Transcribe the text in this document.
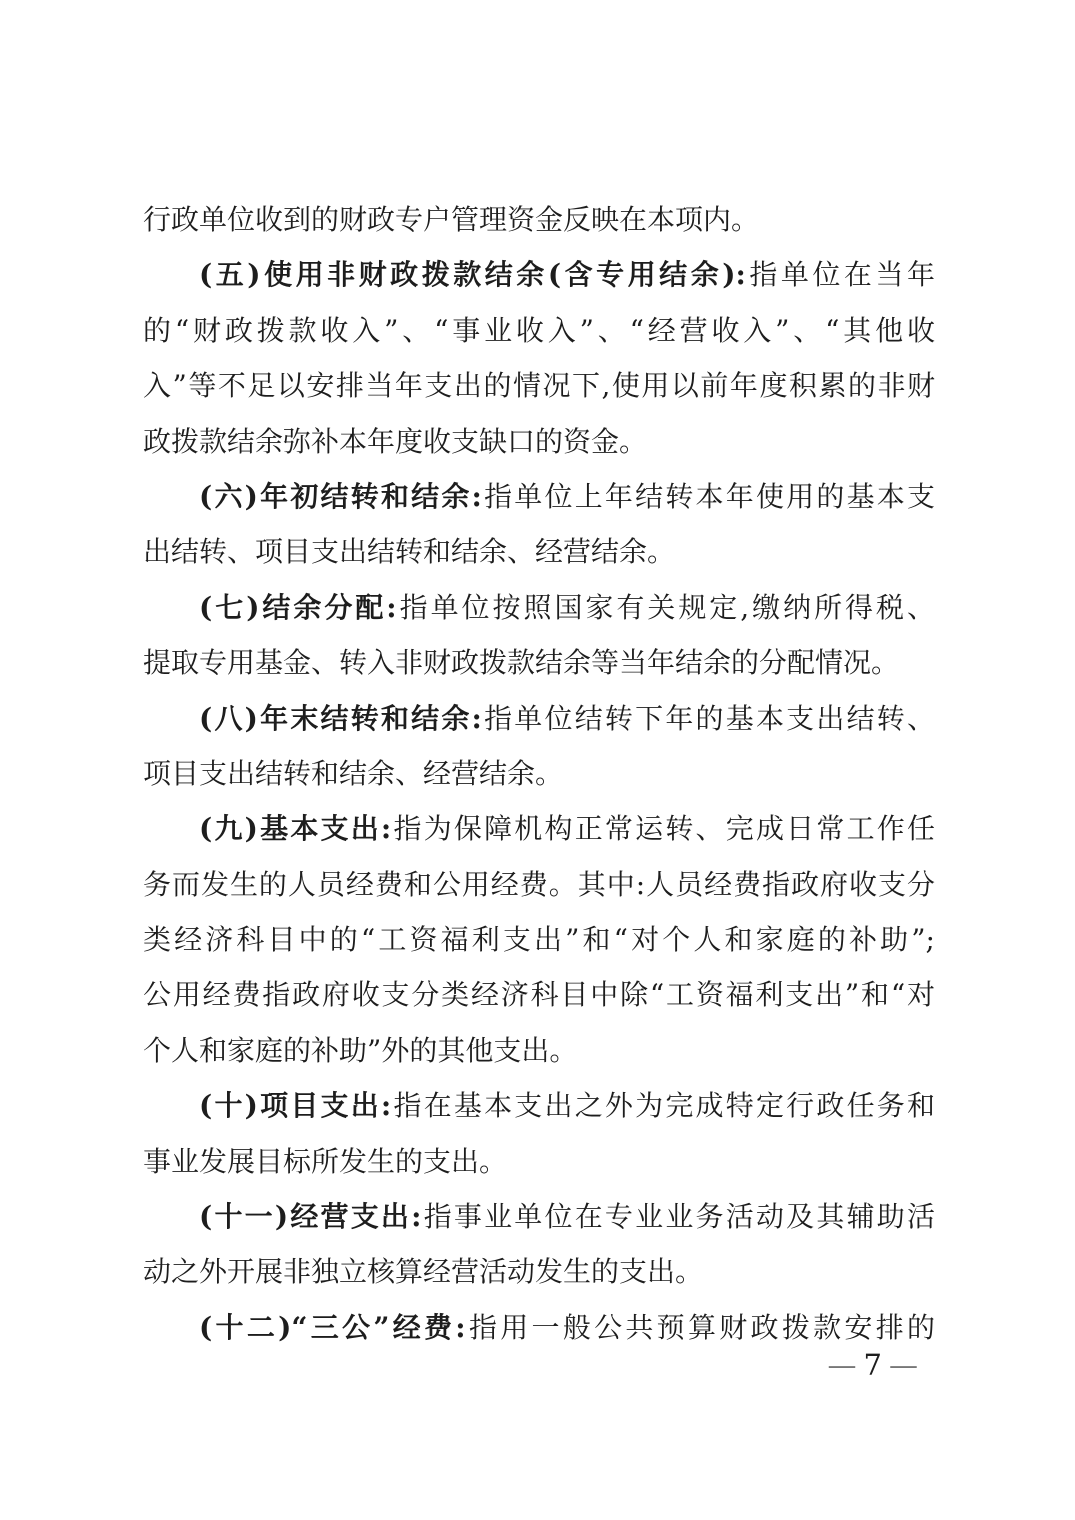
行政单位收到的财政专户管理资金反映在本项内。
(五)使用非财政拨款结余(含专用结余):指单位在当年
的“财政拨款收入”、“事业收入”、“经营收入”、“其他收
入”等不足以安排当年支出的情况下,使用以前年度积累的非财
政拨款结余弥补本年度收支缺口的资金。
(六)年初结转和结余:指单位上年结转本年使用的基本支
出结转、项目支出结转和结余、经营结余。
(七)结余分配:指单位按照国家有关规定,缴纳所得税、
提取专用基金、转入非财政拨款结余等当年结余的分配情况。
(八)年末结转和结余:指单位结转下年的基本支出结转、
项目支出结转和结余、经营结余。
(九)基本支出:指为保障机构正常运转、完成日常工作任
务而发生的人员经费和公用经费。其中:人员经费指政府收支分
类经济科目中的“工资福利支出”和“对个人和家庭的补助”;
公用经费指政府收支分类经济科目中除“工资福利支出”和“对
个人和家庭的补助”外的其他支出。
(十)项目支出:指在基本支出之外为完成特定行政任务和
事业发展目标所发生的支出。
(十一)经营支出:指事业单位在专业业务活动及其辅助活
动之外开展非独立核算经营活动发生的支出。
(十二)“三公”经费:指用一般公共预算财政拨款安排的
— 7 —
